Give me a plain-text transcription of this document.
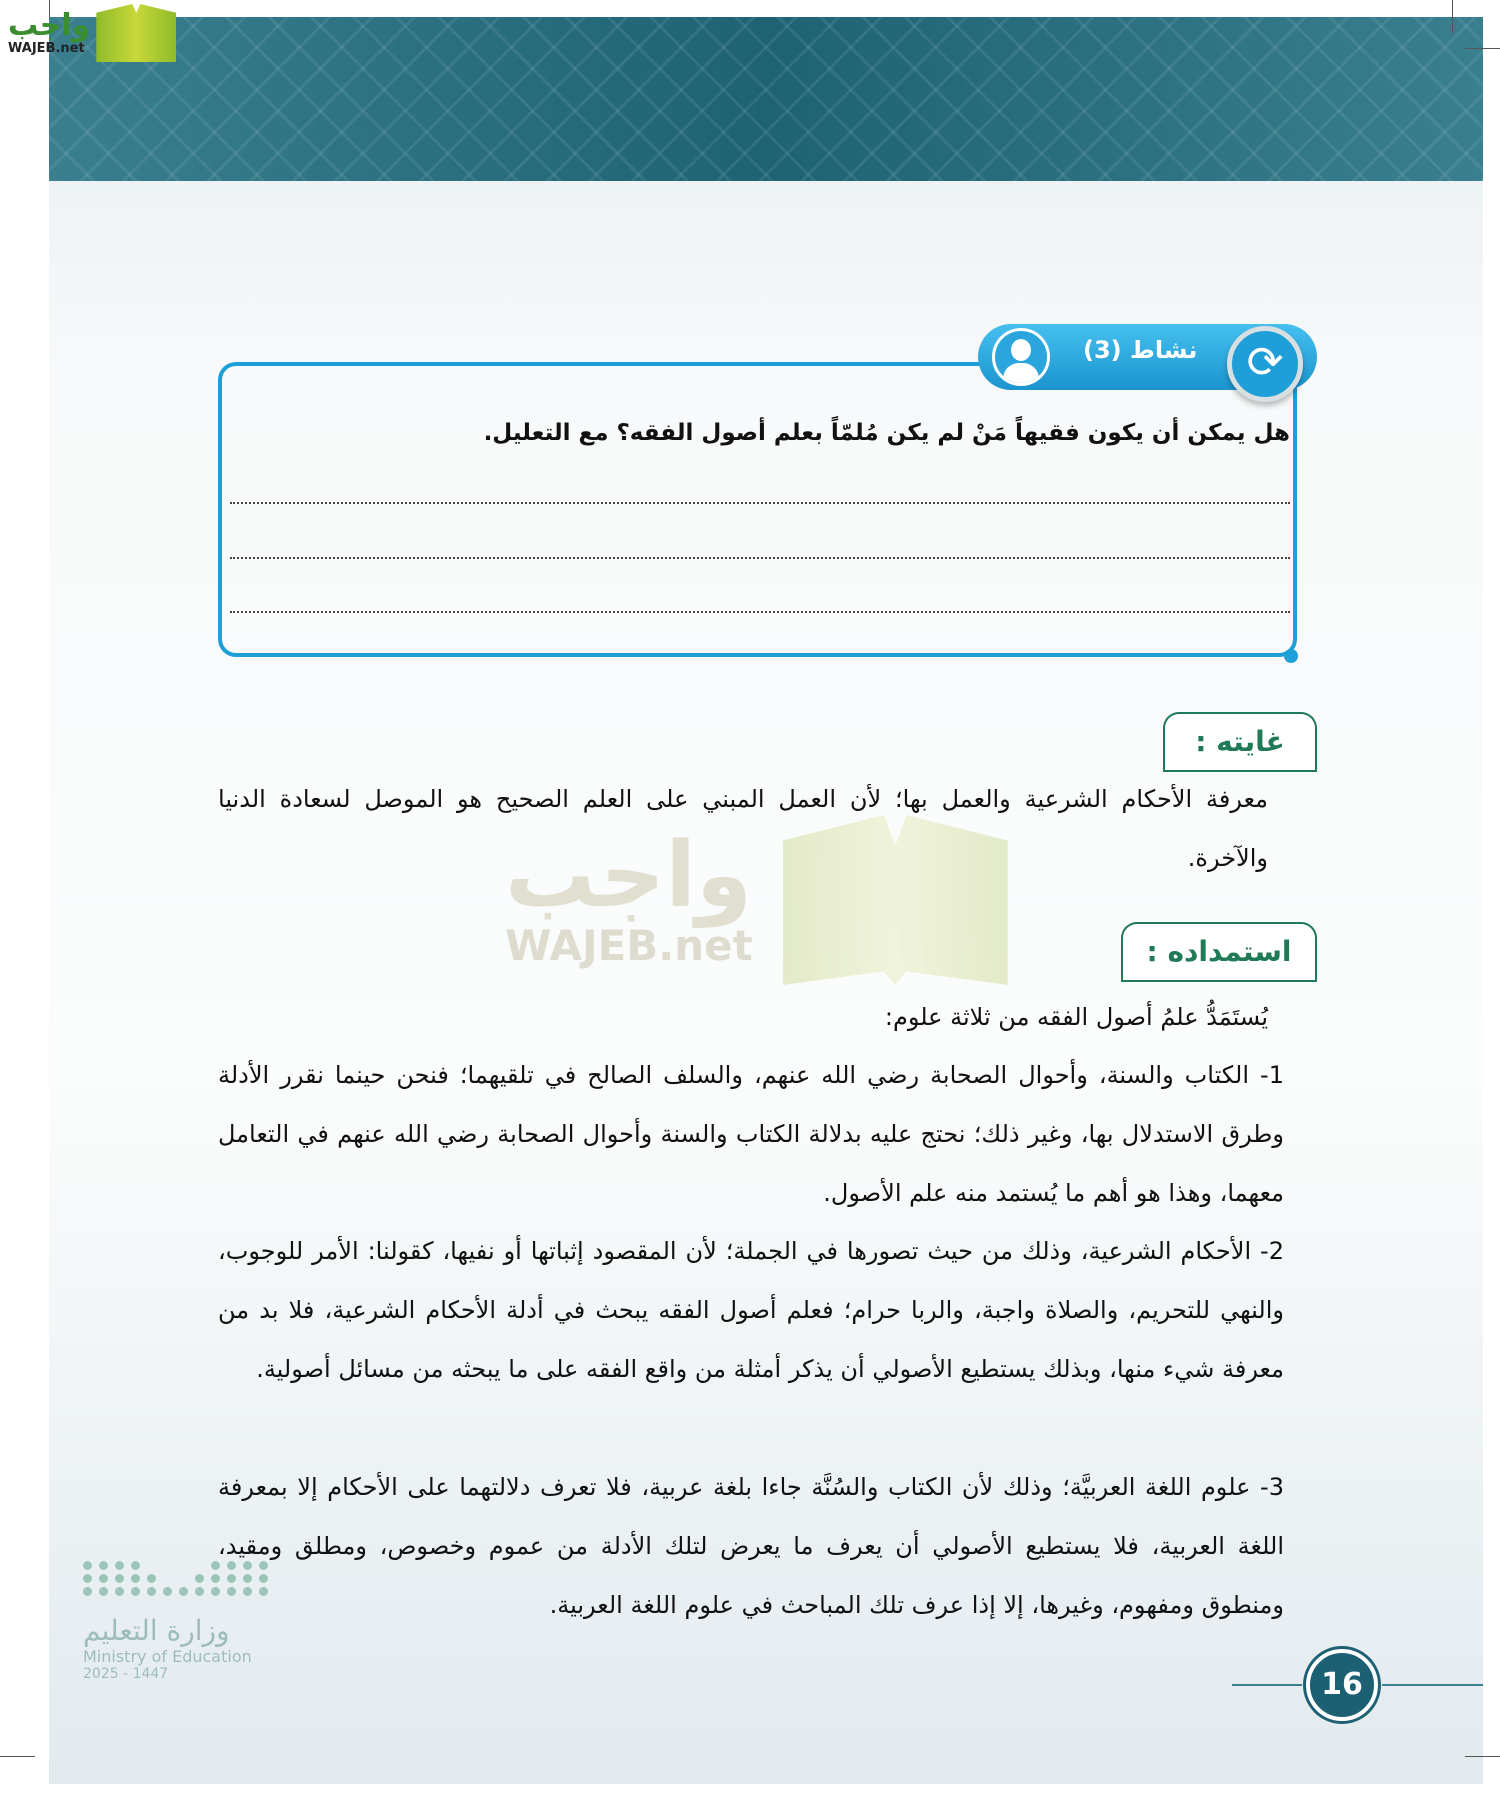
واجب
WAJEB.net
نشاط (3)	⟳
هل يمكن أن يكون فقيهاً مَنْ لم يكن مُلمّاً بعلم أصول الفقه؟ مع التعليل.
واجب
WAJEB.net
غايته :
معرفة الأحكام الشرعية والعمل بها؛ لأن العمل المبني على العلم الصحيح هو الموصل لسعادة الدنيا والآخرة.
استمداده :
يُستَمَدُّ علمُ أصول الفقه من ثلاثة علوم:
1- الكتاب والسنة، وأحوال الصحابة رضي الله عنهم، والسلف الصالح في تلقيهما؛ فنحن حينما نقرر الأدلة وطرق الاستدلال بها، وغير ذلك؛ نحتج عليه بدلالة الكتاب والسنة وأحوال الصحابة رضي الله عنهم في التعامل معهما، وهذا هو أهم ما يُستمد منه علم الأصول.
2- الأحكام الشرعية، وذلك من حيث تصورها في الجملة؛ لأن المقصود إثباتها أو نفيها، كقولنا: الأمر للوجوب، والنهي للتحريم، والصلاة واجبة، والربا حرام؛ فعلم أصول الفقه يبحث في أدلة الأحكام الشرعية، فلا بد من معرفة شيء منها، وبذلك يستطيع الأصولي أن يذكر أمثلة من واقع الفقه على ما يبحثه من مسائل أصولية.
3- علوم اللغة العربيَّة؛ وذلك لأن الكتاب والسُنَّة جاءا بلغة عربية، فلا تعرف دلالتهما على الأحكام إلا بمعرفة اللغة العربية، فلا يستطيع الأصولي أن يعرف ما يعرض لتلك الأدلة من عموم وخصوص، ومطلق ومقيد، ومنطوق ومفهوم، وغيرها، إلا إذا عرف تلك المباحث في علوم اللغة العربية.
وزارة التعليم
Ministry of Education
2025 - 1447	16
